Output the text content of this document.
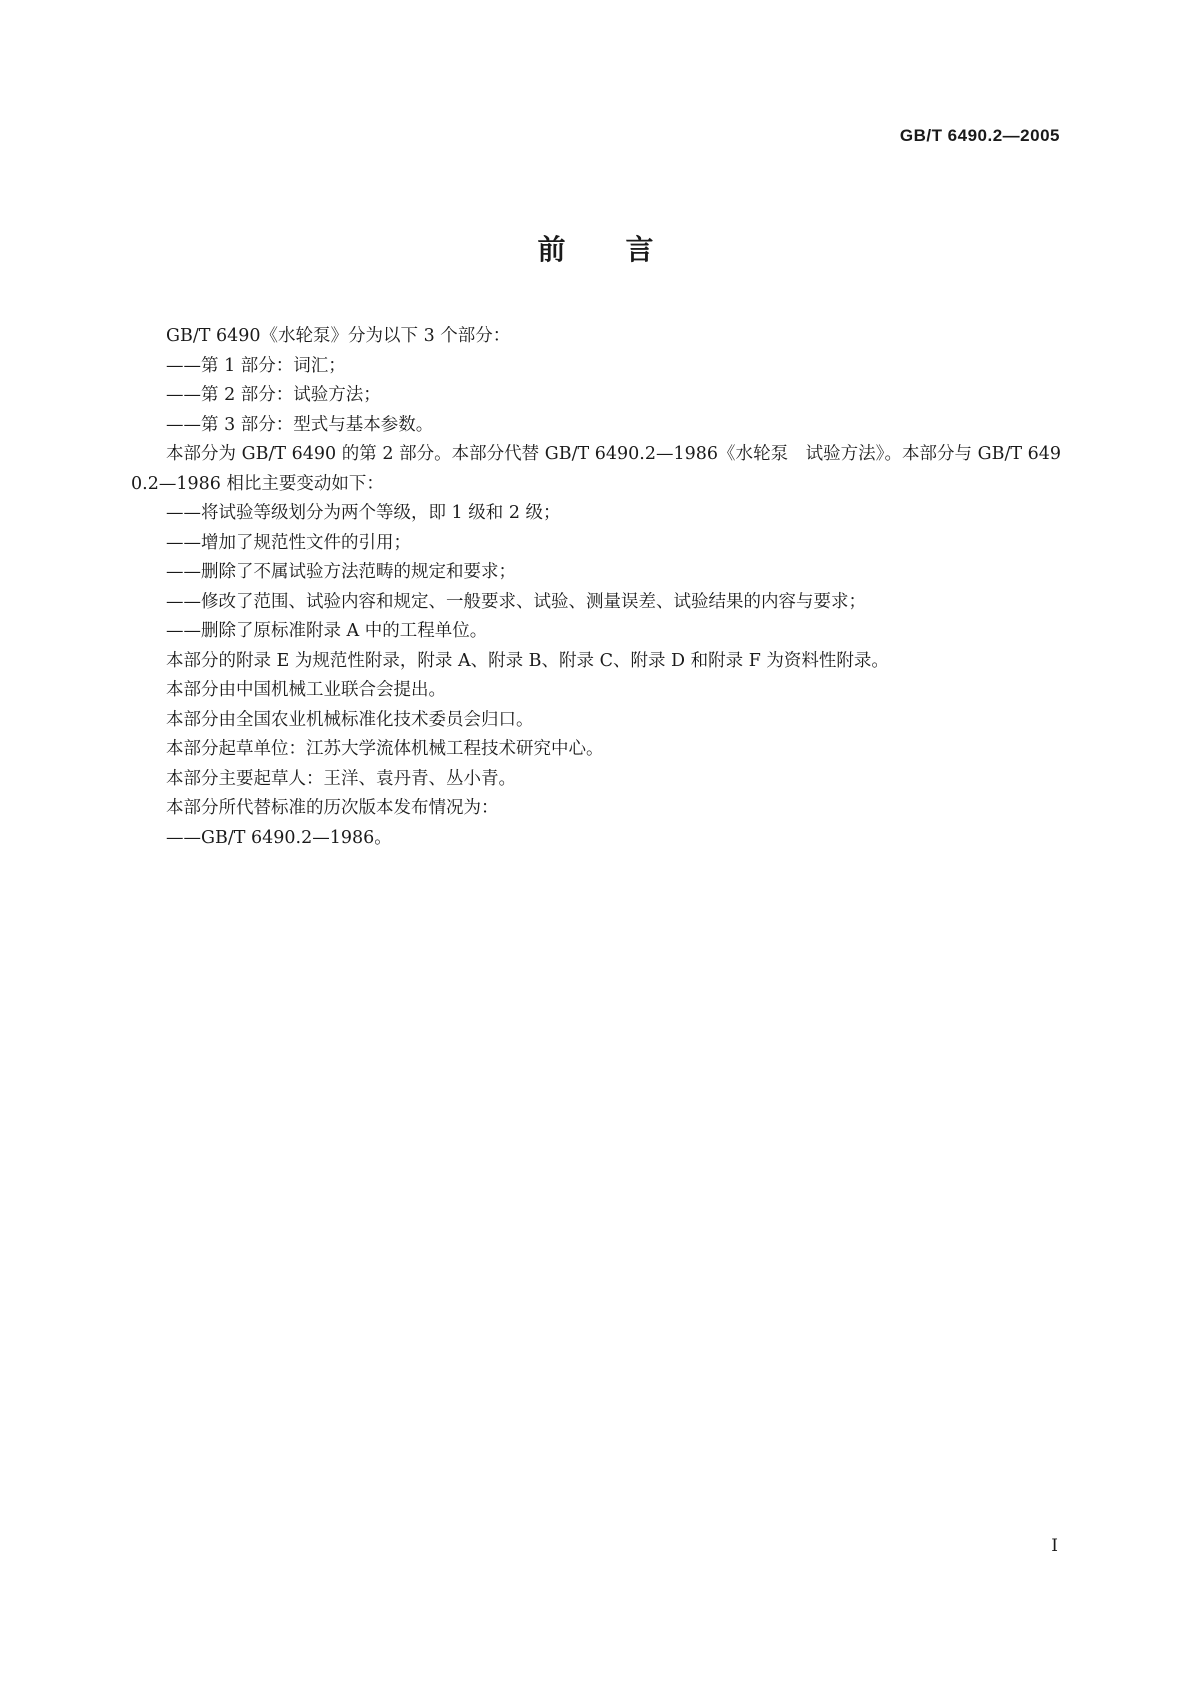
GB/T 6490.2—2005
前言

GB/T 6490《水轮泵》分为以下 3 个部分：

——第 1 部分：词汇；

——第 2 部分：试验方法；

——第 3 部分：型式与基本参数。

本部分为 GB/T 6490 的第 2 部分。本部分代替 GB/T 6490.2—1986《水轮泵　试验方法》。本部分与 GB/T 6490.2—1986 相比主要变动如下：

——将试验等级划分为两个等级，即 1 级和 2 级；

——增加了规范性文件的引用；

——删除了不属试验方法范畴的规定和要求；

——修改了范围、试验内容和规定、一般要求、试验、测量误差、试验结果的内容与要求；

——删除了原标准附录 A 中的工程单位。

本部分的附录 E 为规范性附录，附录 A、附录 B、附录 C、附录 D 和附录 F 为资料性附录。

本部分由中国机械工业联合会提出。

本部分由全国农业机械标准化技术委员会归口。

本部分起草单位：江苏大学流体机械工程技术研究中心。

本部分主要起草人：王洋、袁丹青、丛小青。

本部分所代替标准的历次版本发布情况为：

——GB/T 6490.2—1986。

I
